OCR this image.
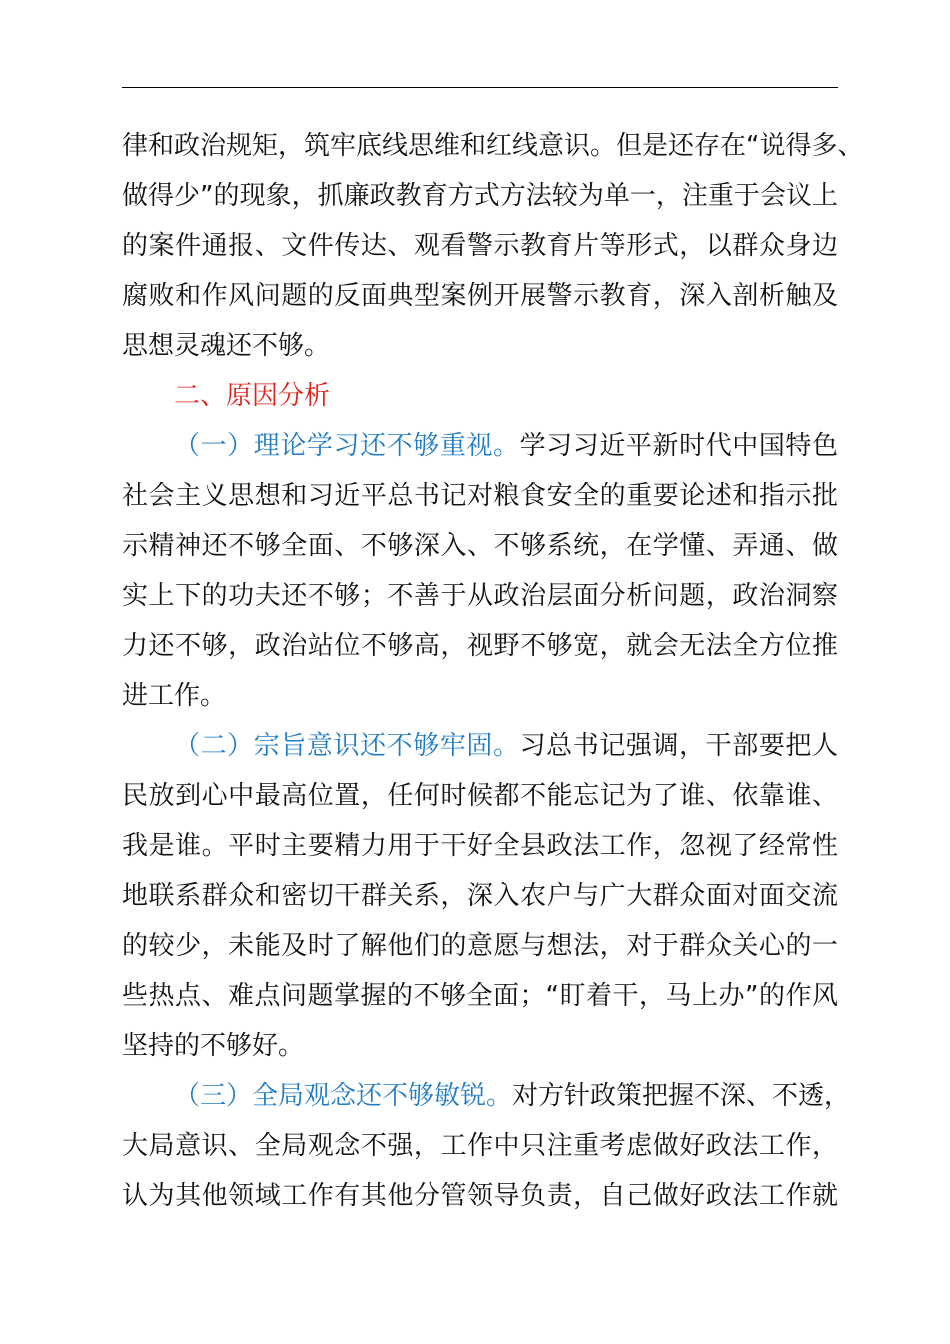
律和政治规矩，筑牢底线思维和红线意识。但是还存在“说得多、
做得少”的现象，抓廉政教育方式方法较为单一，注重于会议上
的案件通报、文件传达、观看警示教育片等形式，以群众身边
腐败和作风问题的反面典型案例开展警示教育，深入剖析触及
思想灵魂还不够。
二、原因分析
（一）理论学习还不够重视。学习习近平新时代中国特色
社会主义思想和习近平总书记对粮食安全的重要论述和指示批
示精神还不够全面、不够深入、不够系统，在学懂、弄通、做
实上下的功夫还不够；不善于从政治层面分析问题，政治洞察
力还不够，政治站位不够高，视野不够宽，就会无法全方位推
进工作。
（二）宗旨意识还不够牢固。习总书记强调，干部要把人
民放到心中最高位置，任何时候都不能忘记为了谁、依靠谁、
我是谁。平时主要精力用于干好全县政法工作，忽视了经常性
地联系群众和密切干群关系，深入农户与广大群众面对面交流
的较少，未能及时了解他们的意愿与想法，对于群众关心的一
些热点、难点问题掌握的不够全面；“盯着干，马上办”的作风
坚持的不够好。
（三）全局观念还不够敏锐。对方针政策把握不深、不透，
大局意识、全局观念不强，工作中只注重考虑做好政法工作，
认为其他领域工作有其他分管领导负责，自己做好政法工作就
